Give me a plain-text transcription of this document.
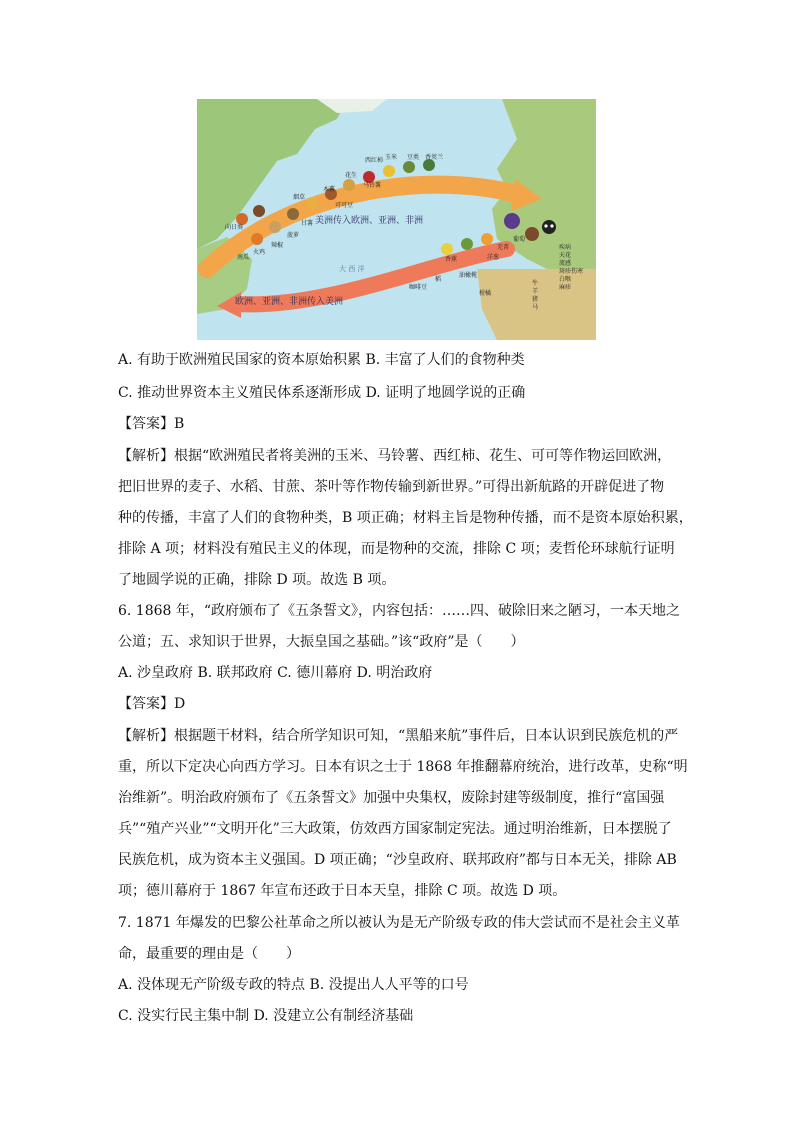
西红柿 玉米 豆类 香荚兰
花生
马铃薯
甘薯
可可豆
烟草
木薯
菠萝
辣椒
向日葵
火鸡
南瓜
美洲传入欧洲、亚洲、非洲
欧洲、亚洲、非洲传入美洲
大 西 洋
香蕉
油橄榄
咖啡豆
稻
柑橘
洋葱
芜菁
葡萄
牛
羊
猪
马
疾病
天花
流感
斑疹伤寒
白喉
麻疹
A. 有助于欧洲殖民国家的资本原始积累 B. 丰富了人们的食物种类
C. 推动世界资本主义殖民体系逐渐形成 D. 证明了地圆学说的正确
【答案】B
【解析】根据“欧洲殖民者将美洲的玉米、马铃薯、西红柿、花生、可可等作物运回欧洲，
把旧世界的麦子、水稻、甘蔗、茶叶等作物传输到新世界。”可得出新航路的开辟促进了物
种的传播，丰富了人们的食物种类，B 项正确；材料主旨是物种传播，而不是资本原始积累，
排除 A 项；材料没有殖民主义的体现，而是物种的交流，排除 C 项；麦哲伦环球航行证明
了地圆学说的正确，排除 D 项。故选 B 项。
6. 1868 年，“政府颁布了《五条誓文》，内容包括：……四、破除旧来之陋习，一本天地之
公道；五、求知识于世界，大振皇国之基础。”该“政府”是（　　）
A. 沙皇政府 B. 联邦政府 C. 德川幕府 D. 明治政府
【答案】D
【解析】根据题干材料，结合所学知识可知，“黑船来航”事件后，日本认识到民族危机的严
重，所以下定决心向西方学习。日本有识之士于 1868 年推翻幕府统治，进行改革，史称“明
治维新”。明治政府颁布了《五条誓文》加强中央集权，废除封建等级制度，推行“富国强
兵”“殖产兴业”“文明开化”三大政策，仿效西方国家制定宪法。通过明治维新，日本摆脱了
民族危机，成为资本主义强国。D 项正确；“沙皇政府、联邦政府”都与日本无关，排除 AB
项；德川幕府于 1867 年宣布还政于日本天皇，排除 C 项。故选 D 项。
7. 1871 年爆发的巴黎公社革命之所以被认为是无产阶级专政的伟大尝试而不是社会主义革
命，最重要的理由是（　　）
A. 没体现无产阶级专政的特点 B. 没提出人人平等的口号
C. 没实行民主集中制 D. 没建立公有制经济基础
